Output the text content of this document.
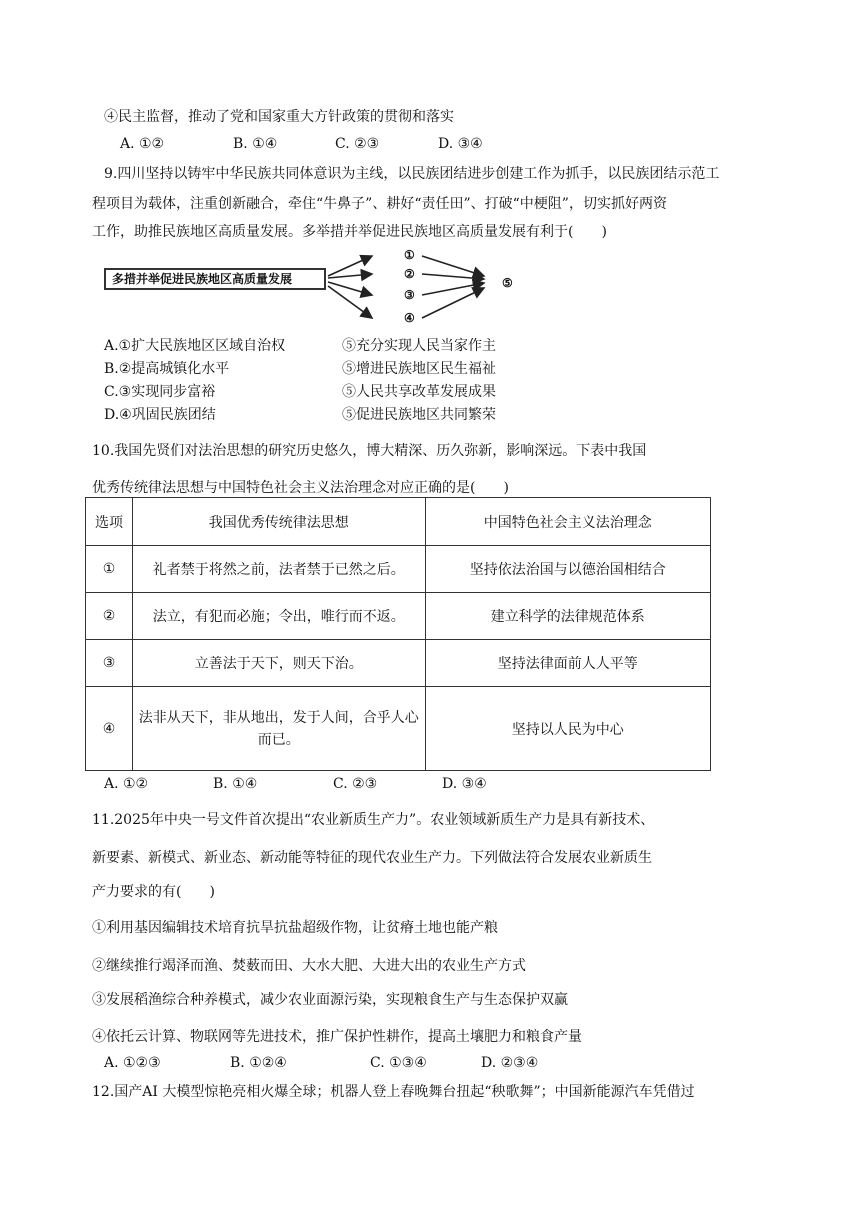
④民主监督，推动了党和国家重大方针政策的贯彻和落实
A. ①②	B. ①④	C. ②③	D. ③④
9.四川坚持以铸牢中华民族共同体意识为主线，以民族团结进步创建工作为抓手，以民族团结示范工
程项目为载体，注重创新融合，牵住“牛鼻子”、耕好“责任田”、打破“中梗阻”，切实抓好两资
工作，助推民族地区高质量发展。多举措并举促进民族地区高质量发展有利于(　　)
多措并举促进民族地区高质量发展
①
②
③
④
⑤
A.①扩大民族地区区域自治权	⑤充分实现人民当家作主
B.②提高城镇化水平	⑤增进民族地区民生福祉
C.③实现同步富裕	⑤人民共享改革发展成果
D.④巩固民族团结	⑤促进民族地区共同繁荣
10.我国先贤们对法治思想的研究历史悠久，博大精深、历久弥新，影响深远。下表中我国
优秀传统律法思想与中国特色社会主义法治理念对应正确的是(　　)
选项	我国优秀传统律法思想	中国特色社会主义法治理念
①	礼者禁于将然之前，法者禁于已然之后。	坚持依法治国与以德治国相结合
②	法立，有犯而必施；令出，唯行而不返。	建立科学的法律规范体系
③	立善法于天下，则天下治。	坚持法律面前人人平等
④	法非从天下，非从地出，发于人间，合乎人心而已。	坚持以人民为中心
A. ①②	B. ①④	C. ②③	D. ③④
11.2025年中央一号文件首次提出“农业新质生产力”。农业领域新质生产力是具有新技术、
新要素、新模式、新业态、新动能等特征的现代农业生产力。下列做法符合发展农业新质生
产力要求的有(　　)
①利用基因编辑技术培育抗旱抗盐超级作物，让贫瘠土地也能产粮
②继续推行竭泽而渔、焚薮而田、大水大肥、大进大出的农业生产方式
③发展稻渔综合种养模式，减少农业面源污染，实现粮食生产与生态保护双赢
④依托云计算、物联网等先进技术，推广保护性耕作，提高土壤肥力和粮食产量
A. ①②③	B. ①②④	C. ①③④	D. ②③④
12.国产AI 大模型惊艳亮相火爆全球；机器人登上春晚舞台扭起“秧歌舞”；中国新能源汽车凭借过
